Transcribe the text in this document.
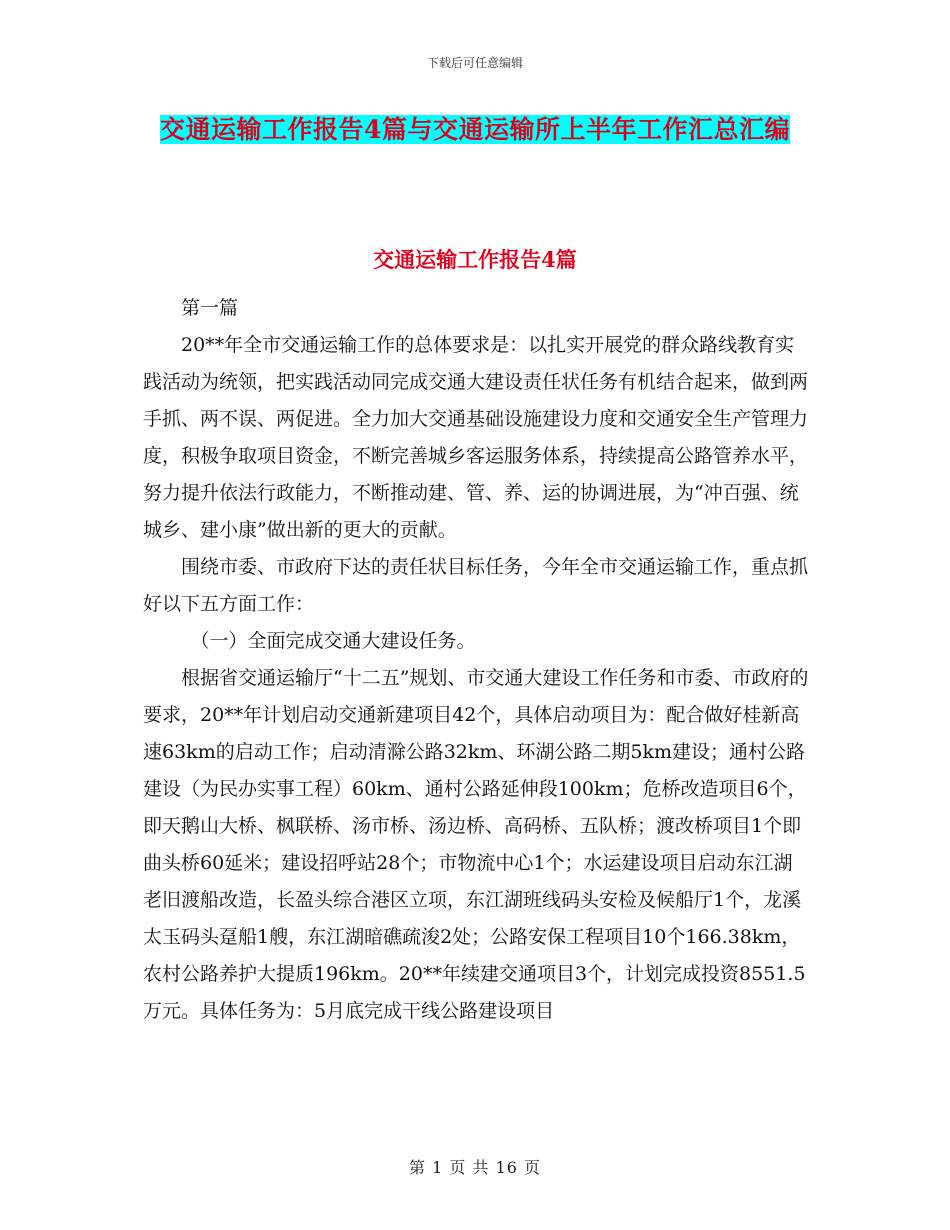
下载后可任意编辑
交通运输工作报告4篇与交通运输所上半年工作汇总汇编
交通运输工作报告4篇

第一篇

20**年全市交通运输工作的总体要求是：以扎实开展党的群众路线教育实践活动为统领，把实践活动同完成交通大建设责任状任务有机结合起来，做到两手抓、两不误、两促进。全力加大交通基础设施建设力度和交通安全生产管理力度，积极争取项目资金，不断完善城乡客运服务体系，持续提高公路管养水平，努力提升依法行政能力，不断推动建、管、养、运的协调进展，为“冲百强、统城乡、建小康”做出新的更大的贡献。

围绕市委、市政府下达的责任状目标任务，今年全市交通运输工作，重点抓好以下五方面工作：

（一）全面完成交通大建设任务。

根据省交通运输厅“十二五”规划、市交通大建设工作任务和市委、市政府的要求，20**年计划启动交通新建项目42个，具体启动项目为：配合做好桂新高速63km的启动工作；启动清滁公路32km、环湖公路二期5km建设；通村公路建设（为民办实事工程）60km、通村公路延伸段100km；危桥改造项目6个，即天鹅山大桥、枫联桥、汤市桥、汤边桥、高码桥、五队桥；渡改桥项目1个即曲头桥60延米；建设招呼站28个；市物流中心1个；水运建设项目启动东江湖老旧渡船改造，长盈头综合港区立项，东江湖班线码头安检及候船厅1个，龙溪太玉码头趸船1艘，东江湖暗礁疏浚2处；公路安保工程项目10个166.38km，农村公路养护大提质196km。20**年续建交通项目3个，计划完成投资8551.5万元。具体任务为：5月底完成干线公路建设项目

第 1 页 共 16 页
